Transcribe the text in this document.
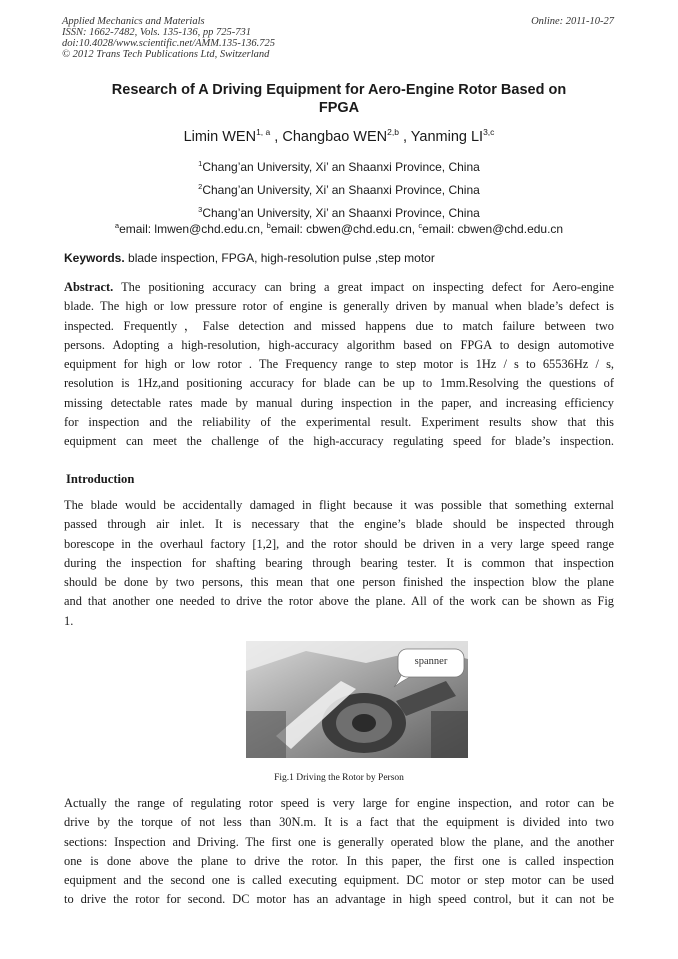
Applied Mechanics and Materials
ISSN: 1662-7482, Vols. 135-136, pp 725-731
doi:10.4028/www.scientific.net/AMM.135-136.725
© 2012 Trans Tech Publications Ltd, Switzerland
Online: 2011-10-27
Research of A Driving Equipment for Aero-Engine Rotor Based on
FPGA
Limin WEN$^{1, a}$ , Changbao WEN$^{2,b}$ , Yanming LI$^{3,c}$
$^1$Chang’an University, Xi’ an Shaanxi Province, China
$^2$Chang’an University, Xi’ an Shaanxi Province, China
$^3$Chang’an University, Xi’ an Shaanxi Province, China
$^a$email: lmwen@chd.edu.cn, $^b$email: cbwen@chd.edu.cn, $^c$email: cbwen@chd.edu.cn
Keywords. blade inspection, FPGA, high-resolution pulse ,step motor
Abstract. The positioning accuracy can bring a great impact on inspecting defect for Aero-engine
blade. The high or low pressure rotor of engine is generally driven by manual when blade’s defect is
inspected. Frequently，False detection and missed happens due to match failure between two
persons. Adopting a high-resolution, high-accuracy algorithm based on FPGA to design automotive
equipment for high or low rotor . The Frequency range to step motor is 1Hz / s to 65536Hz / s,
resolution is 1Hz,and positioning accuracy for blade can be up to 1mm.Resolving the questions of
missing detectable rates made by manual during inspection in the paper, and increasing efficiency
for inspection and the reliability of the experimental result. Experiment results show that this
equipment can meet the challenge of the high-accuracy regulating speed for blade’s inspection.
Introduction
The blade would be accidentally damaged in flight because it was possible that something external
passed through air inlet. It is necessary that the engine’s blade should be inspected through
borescope in the overhaul factory [1,2], and the rotor should be driven in a very large speed range
during the inspection for shafting bearing through bearing tester. It is common that inspection
should be done by two persons, this mean that one person finished the inspection blow the plane
and that another one needed to drive the rotor above the plane. All of the work can be shown as Fig
1.
spanner
Fig.1 Driving the Rotor by Person
Actually the range of regulating rotor speed is very large for engine inspection, and rotor can be
drive by the torque of not less than 30N.m. It is a fact that the equipment is divided into two
sections: Inspection and Driving. The first one is generally operated blow the plane, and the another
one is done above the plane to drive the rotor. In this paper, the first one is called inspection
equipment and the second one is called executing equipment. DC motor or step motor can be used
to drive the rotor for second. DC motor has an advantage in high speed control, but it can not be
